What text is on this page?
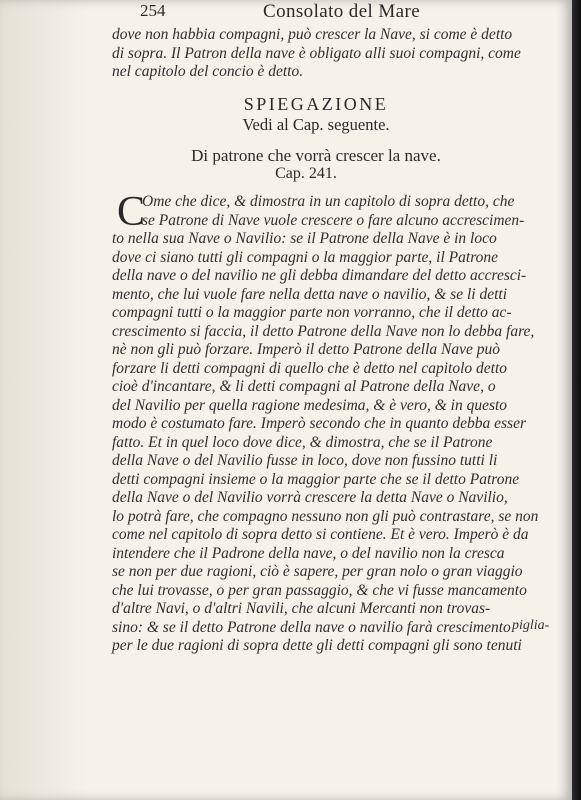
254	Consolato del Mare
dove non habbia compagni, può crescer la Nave, si come è detto
di sopra. Il Patron della nave è obligato alli suoi compagni, come
nel capitolo del concio è detto.
SPIEGAZIONE
Vedi al Cap. seguente.
Di patrone che vorrà crescer la nave.
Cap. 241.
C
Ome che dice, & dimostra in un capitolo di sopra detto, che
se Patrone di Nave vuole crescere o fare alcuno accrescimen-
to nella sua Nave o Navilio: se il Patrone della Nave è in loco
dove ci siano tutti gli compagni o la maggior parte, il Patrone
della nave o del navilio ne gli debba dimandare del detto accresci-
mento, che lui vuole fare nella detta nave o navilio, & se li detti
compagni tutti o la maggior parte non vorranno, che il detto ac-
crescimento si faccia, il detto Patrone della Nave non lo debba fare,
nè non gli può forzare. Imperò il detto Patrone della Nave può
forzare li detti compagni di quello che è detto nel capitolo detto
cioè d'incantare, & li detti compagni al Patrone della Nave, o
del Navilio per quella ragione medesima, & è vero, & in questo
modo è costumato fare. Imperò secondo che in quanto debba esser
fatto. Et in quel loco dove dice, & dimostra, che se il Patrone
della Nave o del Navilio fusse in loco, dove non fussino tutti li
detti compagni insieme o la maggior parte che se il detto Patrone
della Nave o del Navilio vorrà crescere la detta Nave o Navilio,
lo potrà fare, che compagno nessuno non gli può contrastare, se non
come nel capitolo di sopra detto si contiene. Et è vero. Imperò è da
intendere che il Padrone della nave, o del navilio non la cresca
se non per due ragioni, ciò è sapere, per gran nolo o gran viaggio
che lui trovasse, o per gran passaggio, & che vi fusse mancamento
d'altre Navi, o d'altri Navili, che alcuni Mercanti non trovas-
sino: & se il detto Patrone della nave o navilio farà crescimento
per le due ragioni di sopra dette gli detti compagni gli sono tenuti
piglia-
